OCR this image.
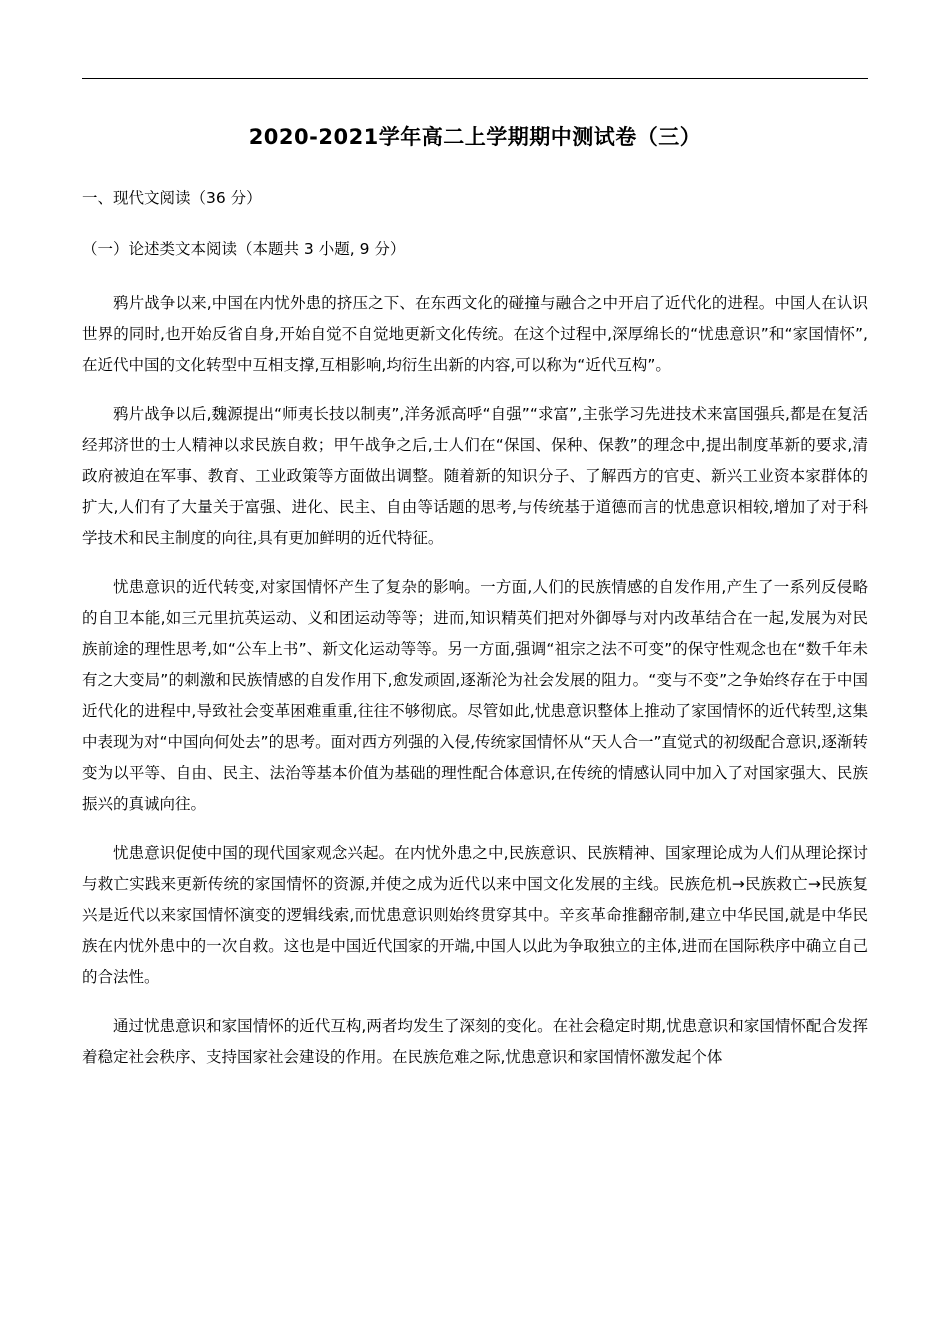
2020-2021学年高二上学期期中测试卷（三）
一、现代文阅读（36 分）
（一）论述类文本阅读（本题共 3 小题, 9 分）

鸦片战争以来,中国在内忧外患的挤压之下、在东西文化的碰撞与融合之中开启了近代化的进程。中国人在认识世界的同时,也开始反省自身,开始自觉不自觉地更新文化传统。在这个过程中,深厚绵长的“忧患意识”和“家国情怀”,在近代中国的文化转型中互相支撑,互相影响,均衍生出新的内容,可以称为“近代互构”。

鸦片战争以后,魏源提出“师夷长技以制夷”,洋务派高呼“自强”“求富”,主张学习先进技术来富国强兵,都是在复活经邦济世的士人精神以求民族自救；甲午战争之后,士人们在“保国、保种、保教”的理念中,提出制度革新的要求,清政府被迫在军事、教育、工业政策等方面做出调整。随着新的知识分子、了解西方的官吏、新兴工业资本家群体的扩大,人们有了大量关于富强、进化、民主、自由等话题的思考,与传统基于道德而言的忧患意识相较,增加了对于科学技术和民主制度的向往,具有更加鲜明的近代特征。

忧患意识的近代转变,对家国情怀产生了复杂的影响。一方面,人们的民族情感的自发作用,产生了一系列反侵略的自卫本能,如三元里抗英运动、义和团运动等等；进而,知识精英们把对外御辱与对内改革结合在一起,发展为对民族前途的理性思考,如“公车上书”、新文化运动等等。另一方面,强调“祖宗之法不可变”的保守性观念也在“数千年未有之大变局”的刺激和民族情感的自发作用下,愈发顽固,逐渐沦为社会发展的阻力。“变与不变”之争始终存在于中国近代化的进程中,导致社会变革困难重重,往往不够彻底。尽管如此,忧患意识整体上推动了家国情怀的近代转型,这集中表现为对“中国向何处去”的思考。面对西方列强的入侵,传统家国情怀从“天人合一”直觉式的初级配合意识,逐渐转变为以平等、自由、民主、法治等基本价值为基础的理性配合体意识,在传统的情感认同中加入了对国家强大、民族振兴的真诚向往。

忧患意识促使中国的现代国家观念兴起。在内忧外患之中,民族意识、民族精神、国家理论成为人们从理论探讨与救亡实践来更新传统的家国情怀的资源,并使之成为近代以来中国文化发展的主线。民族危机→民族救亡→民族复兴是近代以来家国情怀演变的逻辑线索,而忧患意识则始终贯穿其中。辛亥革命推翻帝制,建立中华民国,就是中华民族在内忧外患中的一次自救。这也是中国近代国家的开端,中国人以此为争取独立的主体,进而在国际秩序中确立自己的合法性。

通过忧患意识和家国情怀的近代互构,两者均发生了深刻的变化。在社会稳定时期,忧患意识和家国情怀配合发挥着稳定社会秩序、支持国家社会建设的作用。在民族危难之际,忧患意识和家国情怀激发起个体
